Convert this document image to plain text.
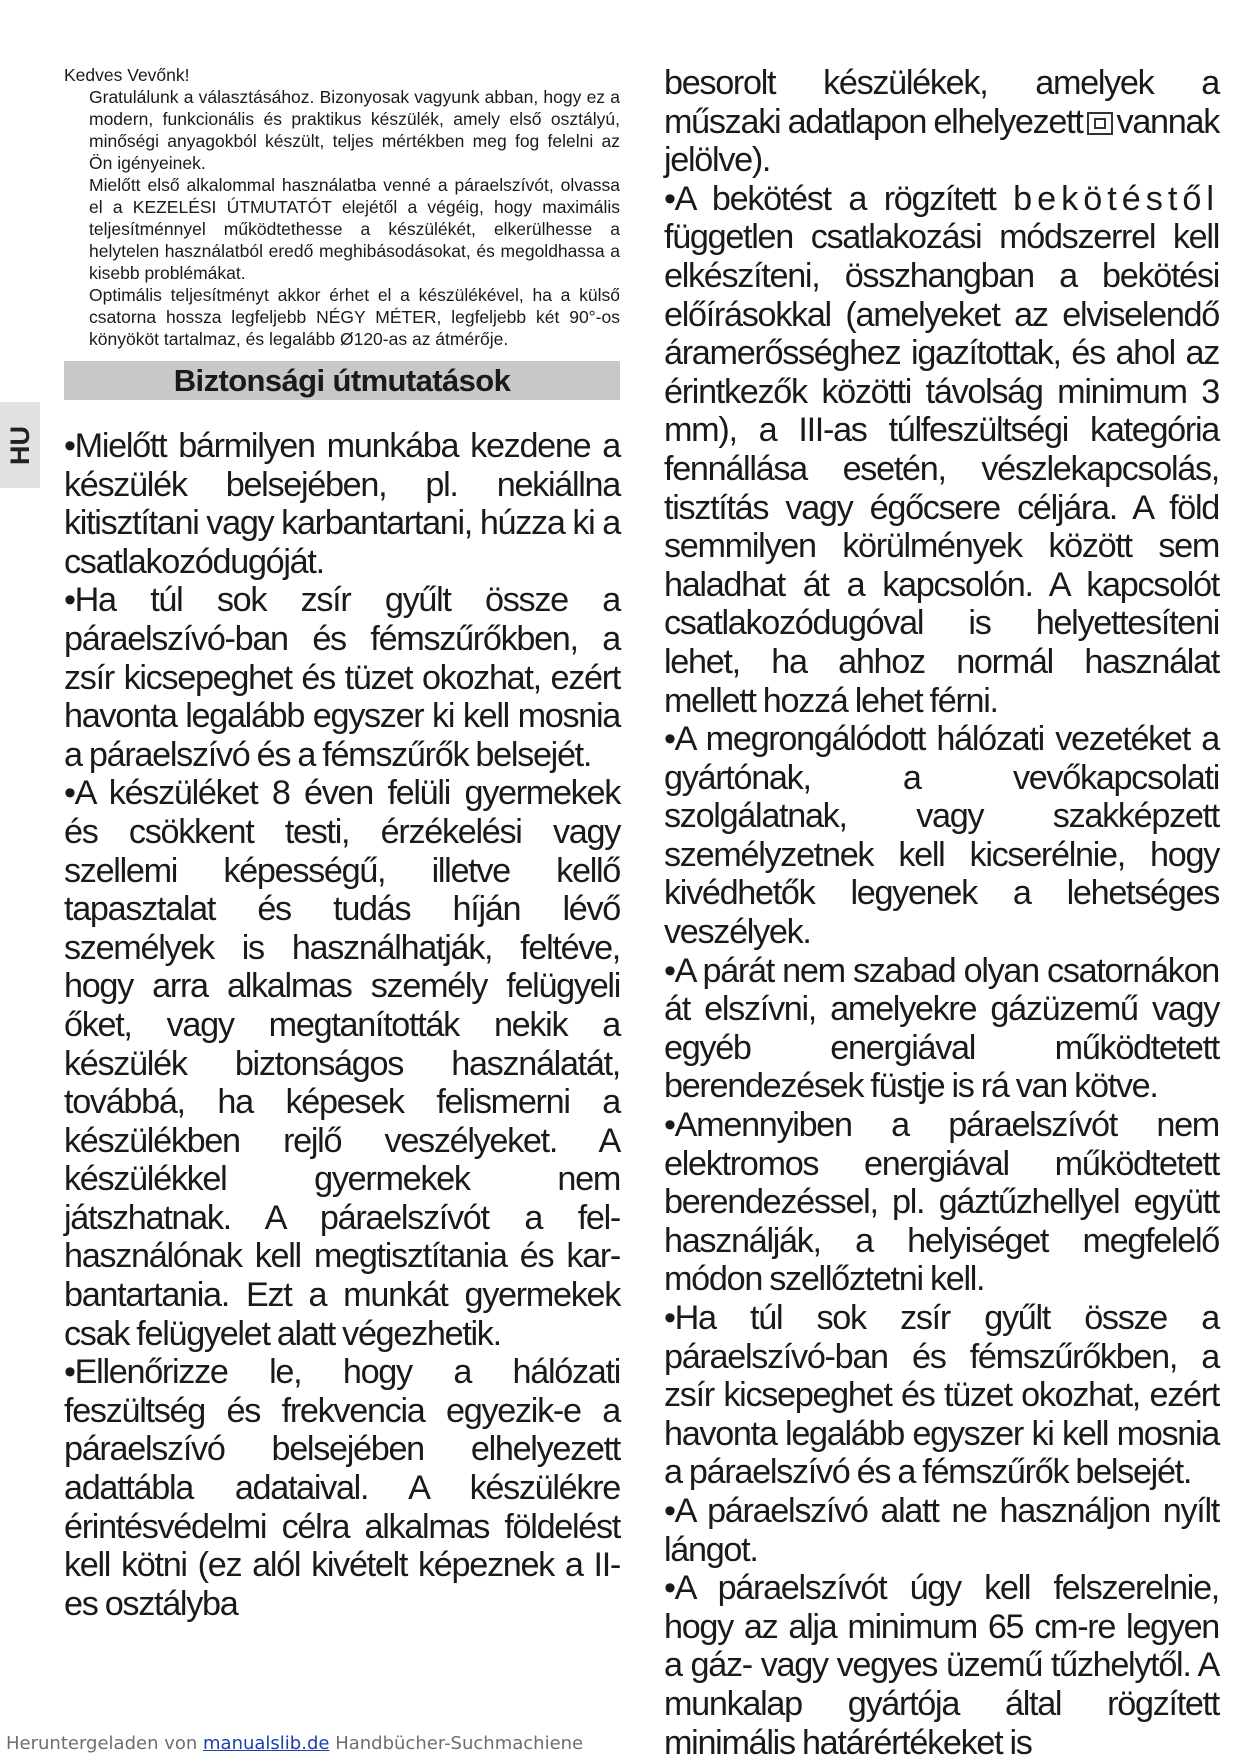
HU

Kedves Vevőnk!

Gratulálunk a választásához. Bizonyosak vagyunk abban, hogy ez a modern, funkcionális és praktikus készülék, amely első osztályú, minőségi anyagokból készült, teljes mértékben meg fog felelni az Ön igényeinek.

Mielőtt első alkalommal használatba venné a páraelszívót, olvassa el a KEZELÉSI ÚTMUTATÓT elejétől a végéig, hogy maximális teljesítménnyel működtethesse a készülékét, elkerülhesse a helytelen használatból eredő meghibásodásokat, és megoldhassa a kisebb problémákat.

Optimális teljesítményt akkor érhet el a készülékével, ha a külső csatorna hossza legfeljebb NÉGY MÉTER, legfeljebb két 90°-os könyököt tartalmaz, és legalább Ø120-as az átmérője.

Biztonsági útmutatások

•Mielőtt bármilyen munkába kezdene a készülék belsejében, pl. nekiállna kitisztítani vagy karbantartani, húzza ki a csatlakozódugóját.

•Ha túl sok zsír gyűlt össze a páraelszívó-ban és fémszűrőkben, a zsír kicsepeghet és tüzet okozhat, ezért havonta legalább egyszer ki kell mosnia a páraelszívó és a fémszűrők belsejét.

•A készüléket 8 éven felüli gyermekek és csökkent testi, érzékelési vagy szellemi képességű, illetve kellő tapasztalat és tudás híján lévő személyek is használhatják, feltéve, hogy arra alkalmas személy felügyeli őket, vagy megtanították nekik a készülék biztonságos használatát, továbbá, ha képesek felismerni a készülékben rejlő veszélyeket. A készülékkel gyermekek nem játszhatnak. A páraelszívót a fel-használónak kell megtisztítania és kar-bantartania. Ezt a munkát gyermekek csak felügyelet alatt végezhetik.

•Ellenőrizze le, hogy a hálózati feszültség és frekvencia egyezik-e a páraelszívó belsejében elhelyezett adattábla adataival. A készülékre érintésvédelmi célra alkalmas földelést kell kötni (ez alól kivételt képeznek a II-es osztályba

besorolt készülékek, amelyek a műszaki adatlapon elhelyezett vannak jelölve).

•A bekötést a rögzített bekötéstől független csatlakozási módszerrel kell elkészíteni, összhangban a bekötési előírásokkal (amelyeket az elviselendő áramerősséghez igazítottak, és ahol az érintkezők közötti távolság minimum 3 mm), a III-as túlfeszültségi kategória fennállása esetén, vészlekapcsolás, tisztítás vagy égőcsere céljára. A föld semmilyen körülmények között sem haladhat át a kapcsolón. A kapcsolót csatlakozódugóval is helyettesíteni lehet, ha ahhoz normál használat mellett hozzá lehet férni.

•A megrongálódott hálózati vezetéket a gyártónak, a vevőkapcsolati szolgálatnak, vagy szakképzett személyzetnek kell kicserélnie, hogy kivédhetők legyenek a lehetséges veszélyek.

•A párát nem szabad olyan csatornákon át elszívni, amelyekre gázüzemű vagy egyéb energiával működtetett berendezések füstje is rá van kötve.

•Amennyiben a páraelszívót nem elektromos energiával működtetett berendezéssel, pl. gáztűzhellyel együtt használják, a helyiséget megfelelő módon szellőztetni kell.

•Ha túl sok zsír gyűlt össze a páraelszívó-ban és fémszűrőkben, a zsír kicsepeghet és tüzet okozhat, ezért havonta legalább egyszer ki kell mosnia a páraelszívó és a fémszűrők belsejét.

•A páraelszívó alatt ne használjon nyílt lángot.

•A páraelszívót úgy kell felszerelnie, hogy az alja minimum 65 cm-re legyen a gáz- vagy vegyes üzemű tűzhelytől. A munkalap gyártója által rögzített minimális határértékeket is

Heruntergeladen von manualslib.de Handbücher-Suchmachiene
